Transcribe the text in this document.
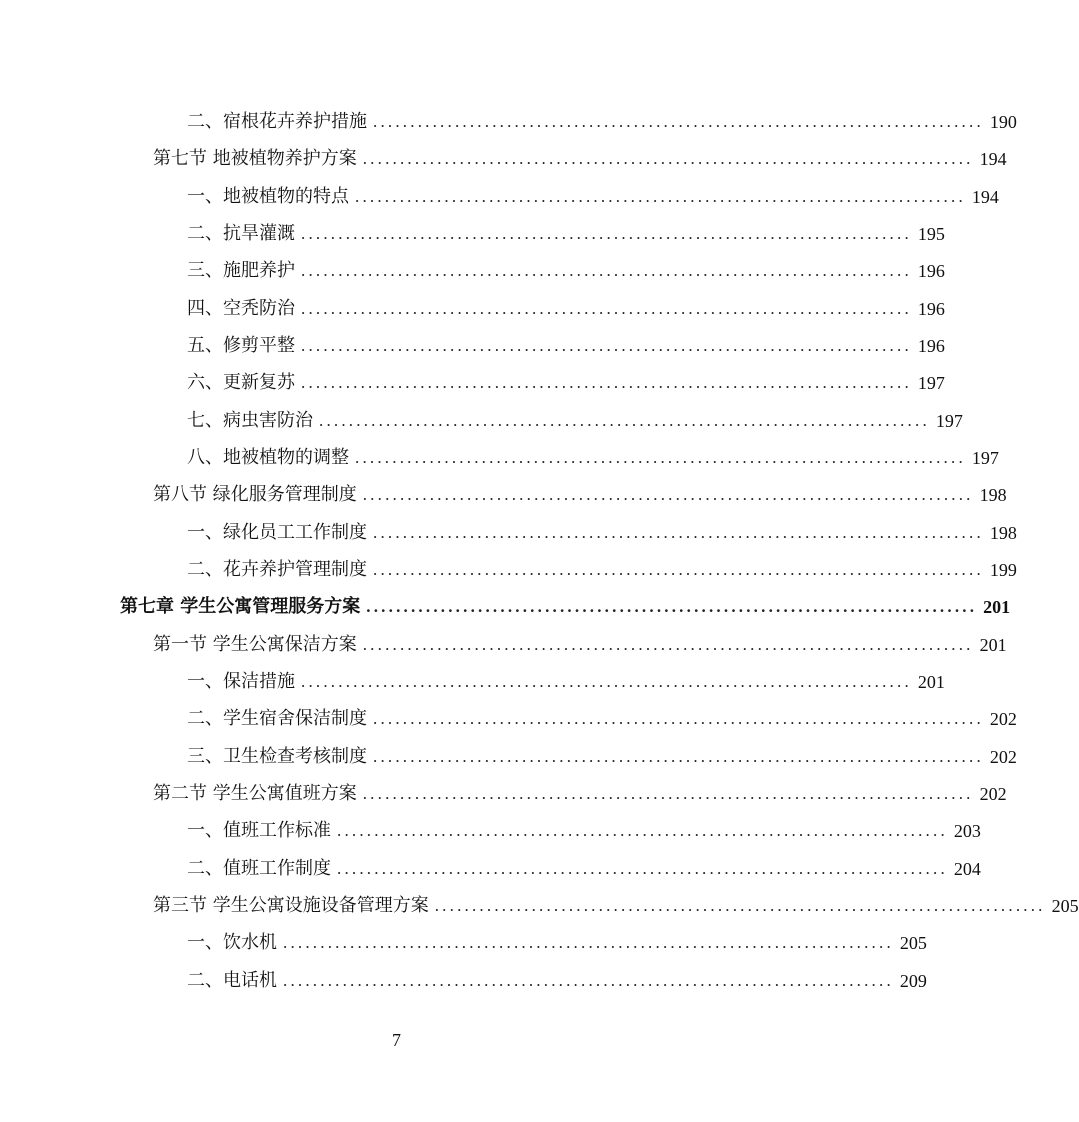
二、宿根花卉养护措施 .................................................................................. 190
第七节 地被植物养护方案 .................................................................................. 194
一、地被植物的特点 .................................................................................. 194
二、抗旱灌溉 .................................................................................. 195
三、施肥养护 .................................................................................. 196
四、空秃防治 .................................................................................. 196
五、修剪平整 .................................................................................. 196
六、更新复苏 .................................................................................. 197
七、病虫害防治 .................................................................................. 197
八、地被植物的调整 .................................................................................. 197
第八节 绿化服务管理制度 .................................................................................. 198
一、绿化员工工作制度 .................................................................................. 198
二、花卉养护管理制度 .................................................................................. 199
第七章 学生公寓管理服务方案 .................................................................................. 201
第一节 学生公寓保洁方案 .................................................................................. 201
一、保洁措施 .................................................................................. 201
二、学生宿舍保洁制度 .................................................................................. 202
三、卫生检查考核制度 .................................................................................. 202
第二节 学生公寓值班方案 .................................................................................. 202
一、值班工作标准 .................................................................................. 203
二、值班工作制度 .................................................................................. 204
第三节 学生公寓设施设备管理方案 .................................................................................. 205
一、饮水机 .................................................................................. 205
二、电话机 .................................................................................. 209
7
